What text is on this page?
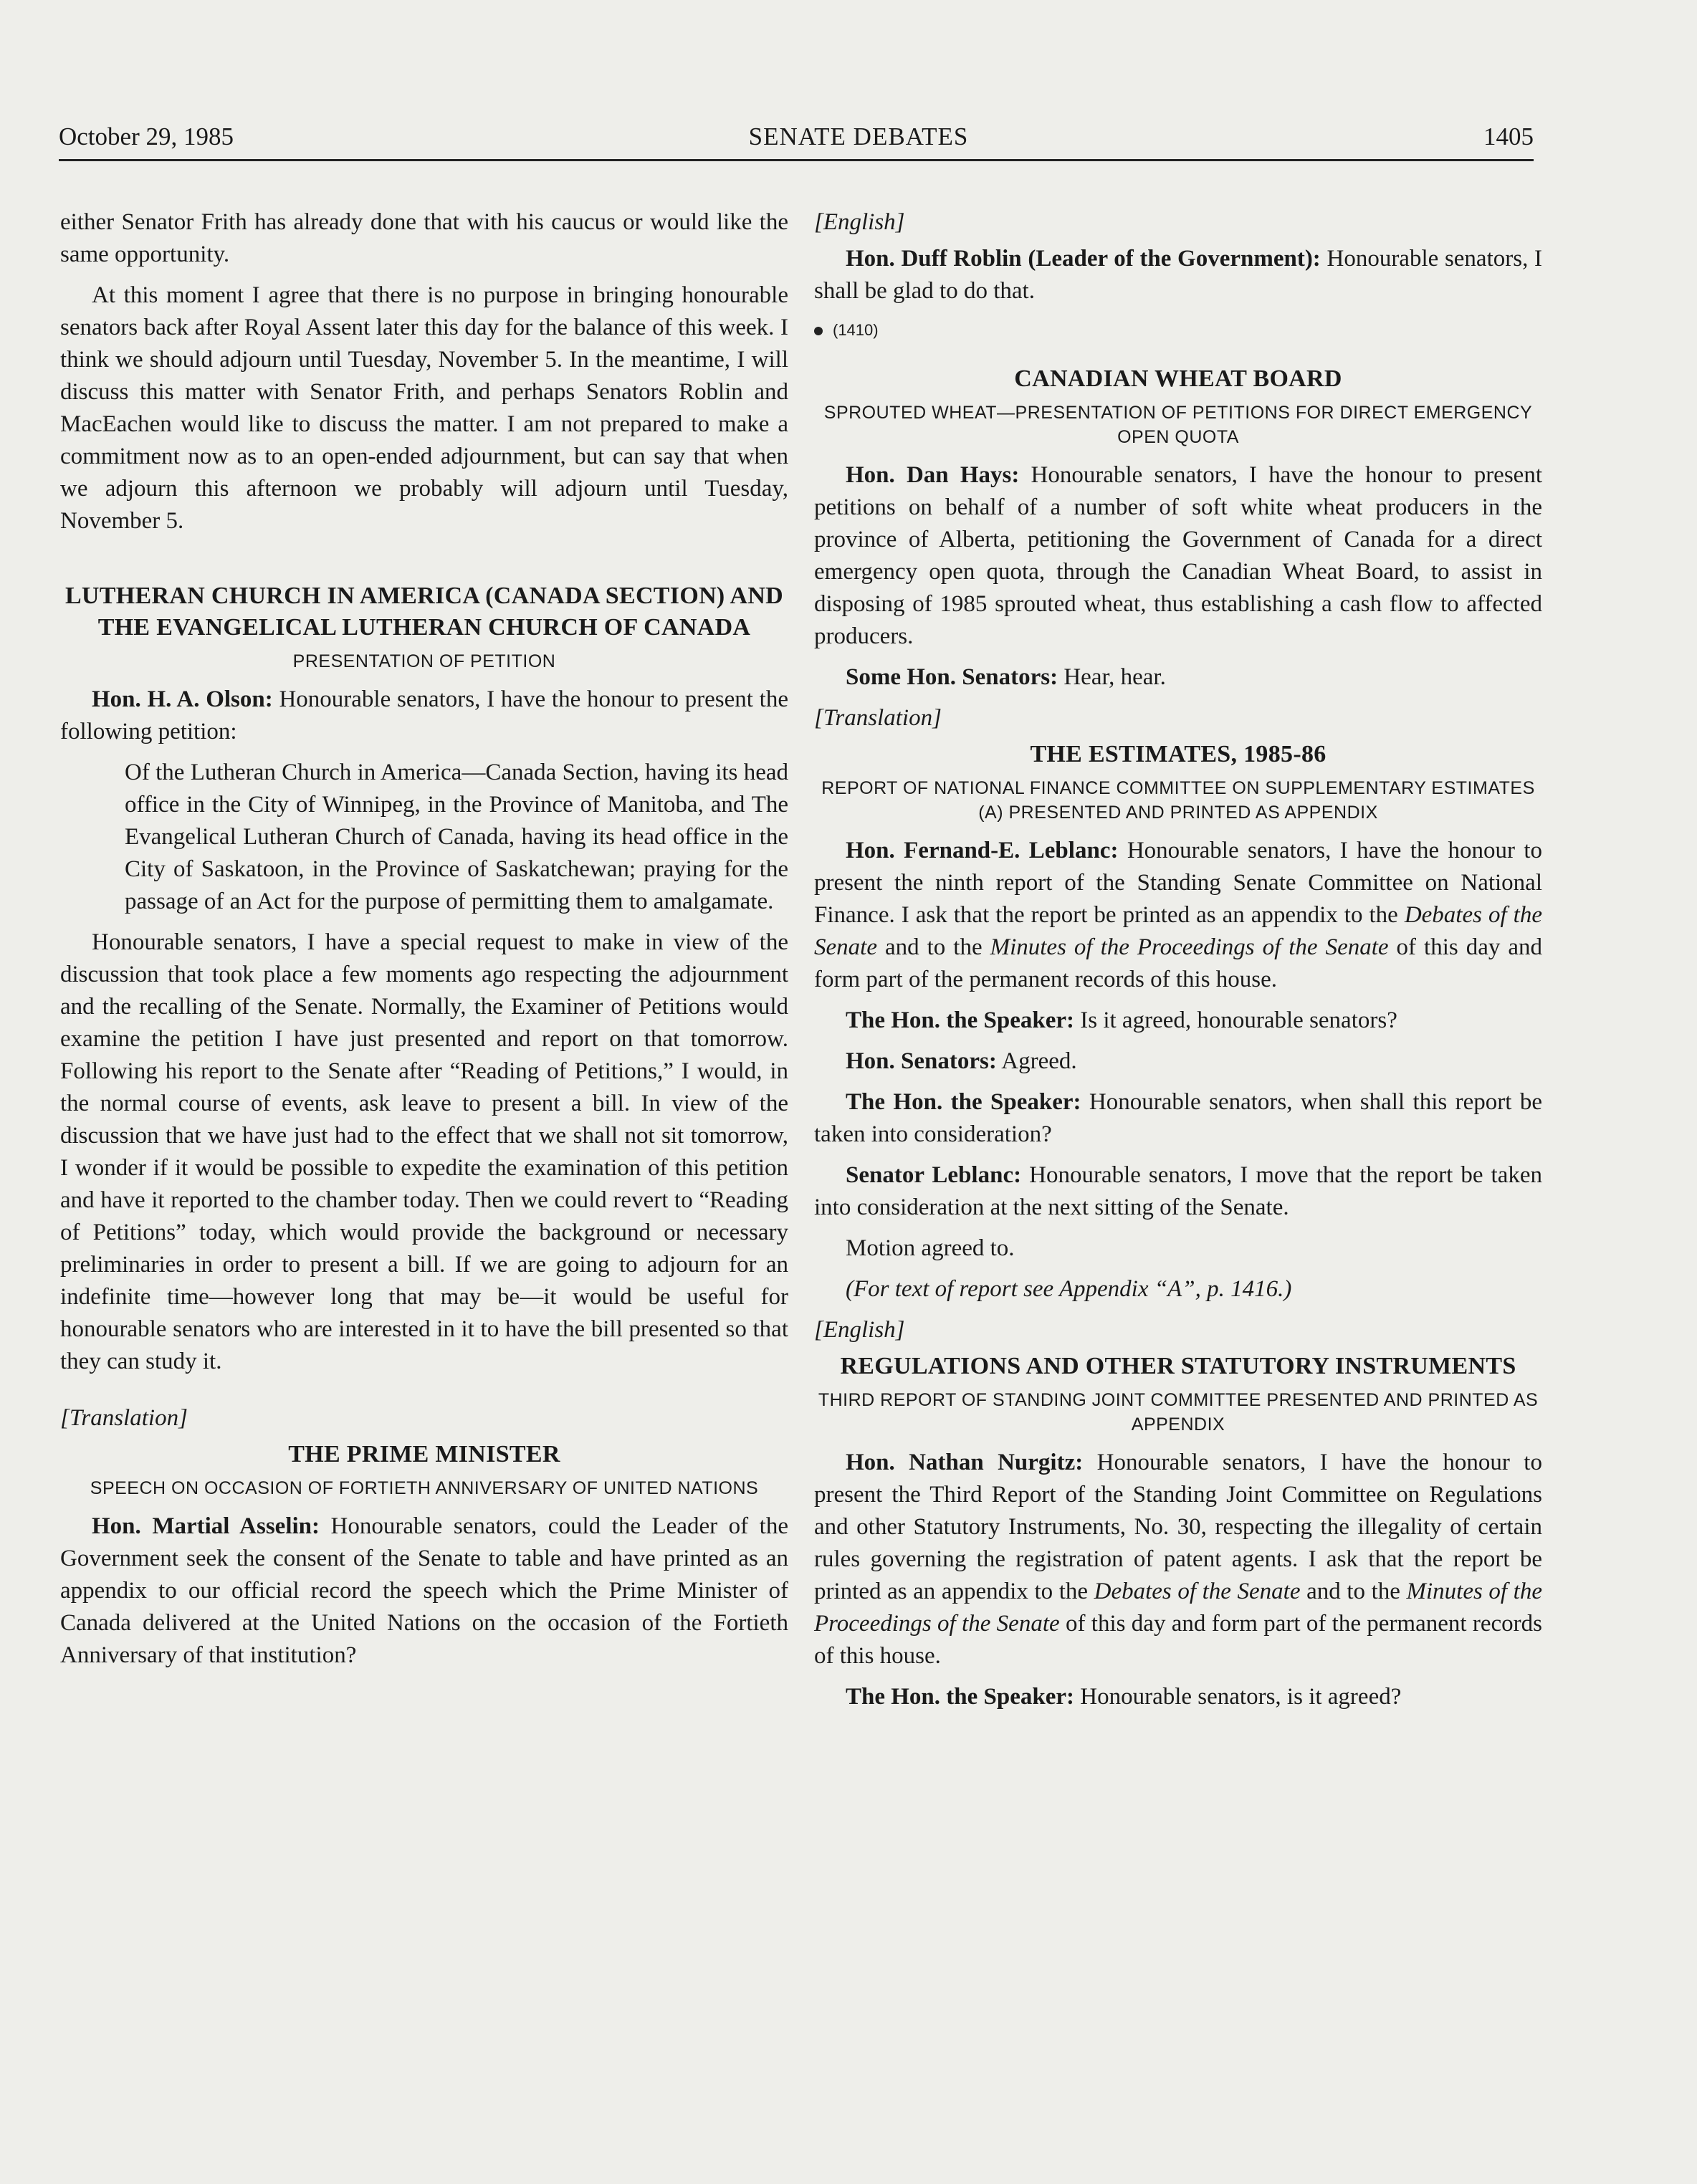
October 29, 1985	SENATE DEBATES	1405

either Senator Frith has already done that with his caucus or would like the same opportunity.

At this moment I agree that there is no purpose in bringing honourable senators back after Royal Assent later this day for the balance of this week. I think we should adjourn until Tuesday, November 5. In the meantime, I will discuss this matter with Senator Frith, and perhaps Senators Roblin and MacEachen would like to discuss the matter. I am not prepared to make a commitment now as to an open-ended adjournment, but can say that when we adjourn this afternoon we probably will adjourn until Tuesday, November 5.

LUTHERAN CHURCH IN AMERICA (CANADA SECTION) AND THE EVANGELICAL LUTHERAN CHURCH OF CANADA
PRESENTATION OF PETITION

Hon. H. A. Olson: Honourable senators, I have the honour to present the following petition:

Of the Lutheran Church in America—Canada Section, having its head office in the City of Winnipeg, in the Province of Manitoba, and The Evangelical Lutheran Church of Canada, having its head office in the City of Saskatoon, in the Province of Saskatchewan; praying for the passage of an Act for the purpose of permitting them to amalgamate.

Honourable senators, I have a special request to make in view of the discussion that took place a few moments ago respecting the adjournment and the recalling of the Senate. Normally, the Examiner of Petitions would examine the petition I have just presented and report on that tomorrow. Following his report to the Senate after “Reading of Petitions,” I would, in the normal course of events, ask leave to present a bill. In view of the discussion that we have just had to the effect that we shall not sit tomorrow, I wonder if it would be possible to expedite the examination of this petition and have it reported to the chamber today. Then we could revert to “Reading of Petitions” today, which would provide the background or necessary preliminaries in order to present a bill. If we are going to adjourn for an indefinite time—however long that may be—it would be useful for honourable senators who are interested in it to have the bill presented so that they can study it.

[Translation]

THE PRIME MINISTER
SPEECH ON OCCASION OF FORTIETH ANNIVERSARY OF UNITED NATIONS

Hon. Martial Asselin: Honourable senators, could the Leader of the Government seek the consent of the Senate to table and have printed as an appendix to our official record the speech which the Prime Minister of Canada delivered at the United Nations on the occasion of the Fortieth Anniversary of that institution?

[English]

Hon. Duff Roblin (Leader of the Government): Honourable senators, I shall be glad to do that.

(1410)

CANADIAN WHEAT BOARD
SPROUTED WHEAT—PRESENTATION OF PETITIONS FOR DIRECT EMERGENCY OPEN QUOTA

Hon. Dan Hays: Honourable senators, I have the honour to present petitions on behalf of a number of soft white wheat producers in the province of Alberta, petitioning the Government of Canada for a direct emergency open quota, through the Canadian Wheat Board, to assist in disposing of 1985 sprouted wheat, thus establishing a cash flow to affected producers.

Some Hon. Senators: Hear, hear.

[Translation]

THE ESTIMATES, 1985-86
REPORT OF NATIONAL FINANCE COMMITTEE ON SUPPLEMENTARY ESTIMATES (A) PRESENTED AND PRINTED AS APPENDIX

Hon. Fernand-E. Leblanc: Honourable senators, I have the honour to present the ninth report of the Standing Senate Committee on National Finance. I ask that the report be printed as an appendix to the Debates of the Senate and to the Minutes of the Proceedings of the Senate of this day and form part of the permanent records of this house.

The Hon. the Speaker: Is it agreed, honourable senators?

Hon. Senators: Agreed.

The Hon. the Speaker: Honourable senators, when shall this report be taken into consideration?

Senator Leblanc: Honourable senators, I move that the report be taken into consideration at the next sitting of the Senate.

Motion agreed to.

(For text of report see Appendix “A”, p. 1416.)

[English]

REGULATIONS AND OTHER STATUTORY INSTRUMENTS
THIRD REPORT OF STANDING JOINT COMMITTEE PRESENTED AND PRINTED AS APPENDIX

Hon. Nathan Nurgitz: Honourable senators, I have the honour to present the Third Report of the Standing Joint Committee on Regulations and other Statutory Instruments, No. 30, respecting the illegality of certain rules governing the registration of patent agents. I ask that the report be printed as an appendix to the Debates of the Senate and to the Minutes of the Proceedings of the Senate of this day and form part of the permanent records of this house.

The Hon. the Speaker: Honourable senators, is it agreed?
